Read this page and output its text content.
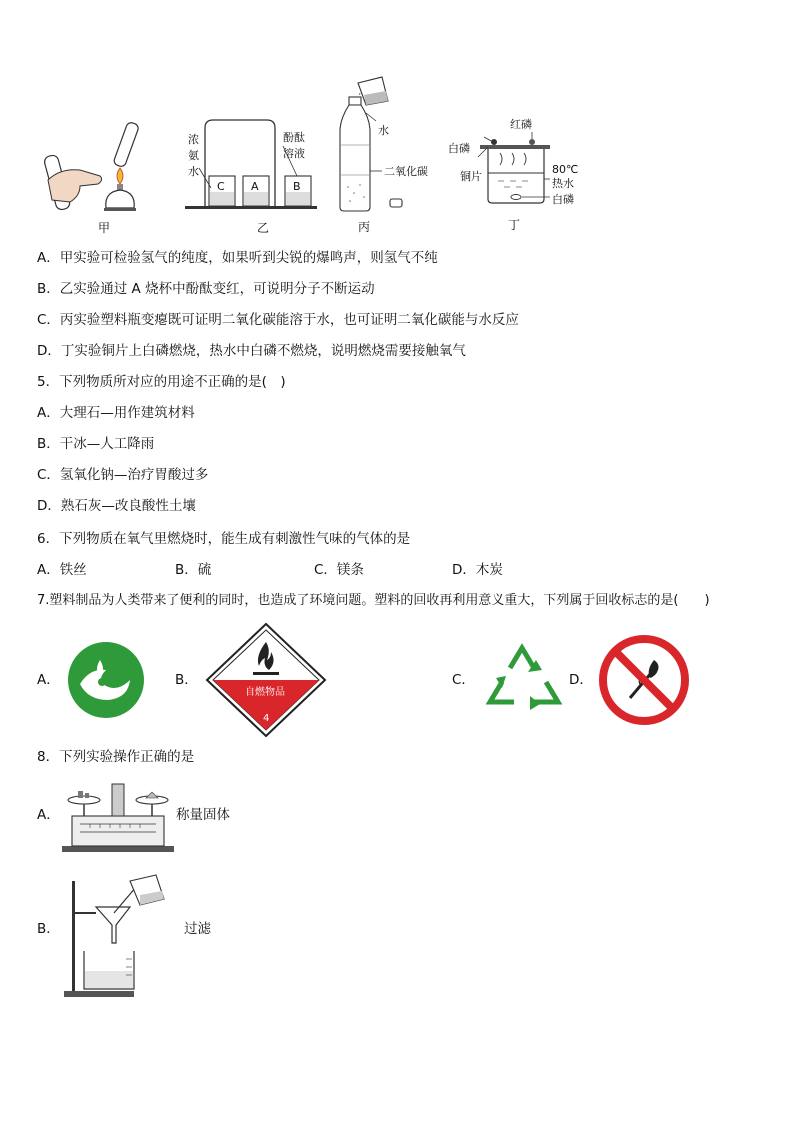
甲
C A	B
乙
浓
氨
水
酚酞
溶液
水
二氧化碳
丙
红磷
白磷
铜片
80℃
热水
白磷
丁
A．甲实验可检验氢气的纯度，如果听到尖锐的爆鸣声，则氢气不纯
B．乙实验通过 A 烧杯中酚酞变红，可说明分子不断运动
C．丙实验塑料瓶变瘪既可证明二氧化碳能溶于水，也可证明二氧化碳能与水反应
D．丁实验铜片上白磷燃烧，热水中白磷不燃烧，说明燃烧需要接触氧气
5．下列物质所对应的用途不正确的是(　)
A．大理石—用作建筑材料
B．干冰—人工降雨
C．氢氧化钠—治疗胃酸过多
D．熟石灰—改良酸性土壤
6．下列物质在氧气里燃烧时，能生成有刺激性气味的气体的是
A．铁丝	B．硫	C．镁条	D．木炭
7.塑料制品为人类带来了便利的同时，也造成了环境问题。塑料的回收再利用意义重大，下列属于回收标志的是(　　)
A．	B．
自燃物品
4
C．	D．
8．下列实验操作正确的是
A．	称量固体
B．	过滤
